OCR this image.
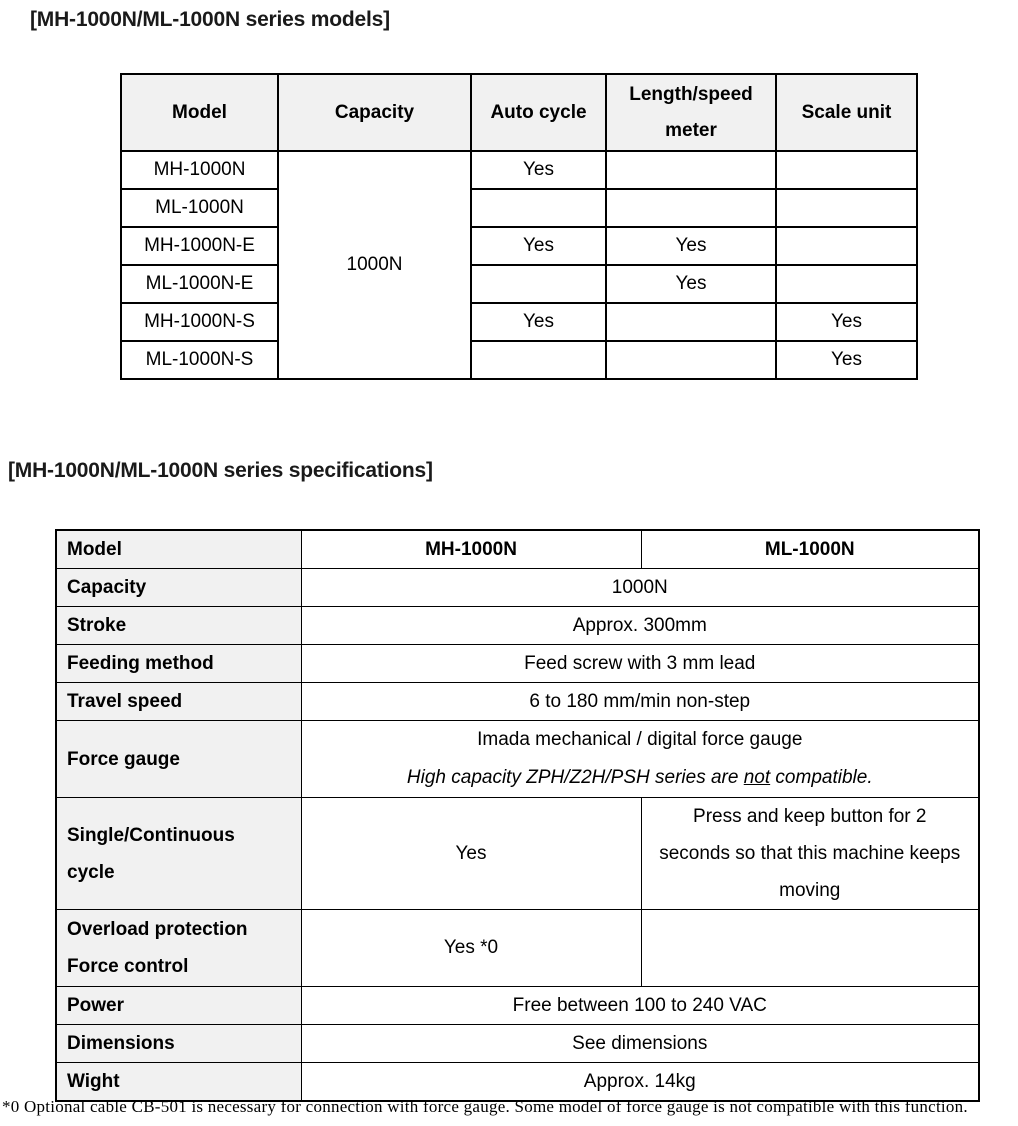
[MH-1000N/ML-1000N series models]
Model	Capacity	Auto cycle	Length/speed meter	Scale unit
MH-1000N	1000N	Yes		
ML-1000N				
MH-1000N-E		Yes	Yes	
ML-1000N-E			Yes	
MH-1000N-S		Yes		Yes
ML-1000N-S				Yes
[MH-1000N/ML-1000N series specifications]
Model	MH-1000N	ML-1000N
Capacity	1000N	
Stroke	Approx. 300mm	
Feeding method	Feed screw with 3 mm lead	
Travel speed	6 to 180 mm/min non-step	
Force gauge	Imada mechanical / digital force gauge
High capacity ZPH/Z2H/PSH series are not compatible.	

Single/Continuous
cycle	Yes	Press and keep button for 2 seconds so that this machine keeps moving

Overload protection
Force control	Yes *0	
Power	Free between 100 to 240 VAC	
Dimensions	See dimensions	
Wight	Approx. 14kg	
*0 Optional cable CB-501 is necessary for connection with force gauge. Some model of force gauge is not compatible with this function.
